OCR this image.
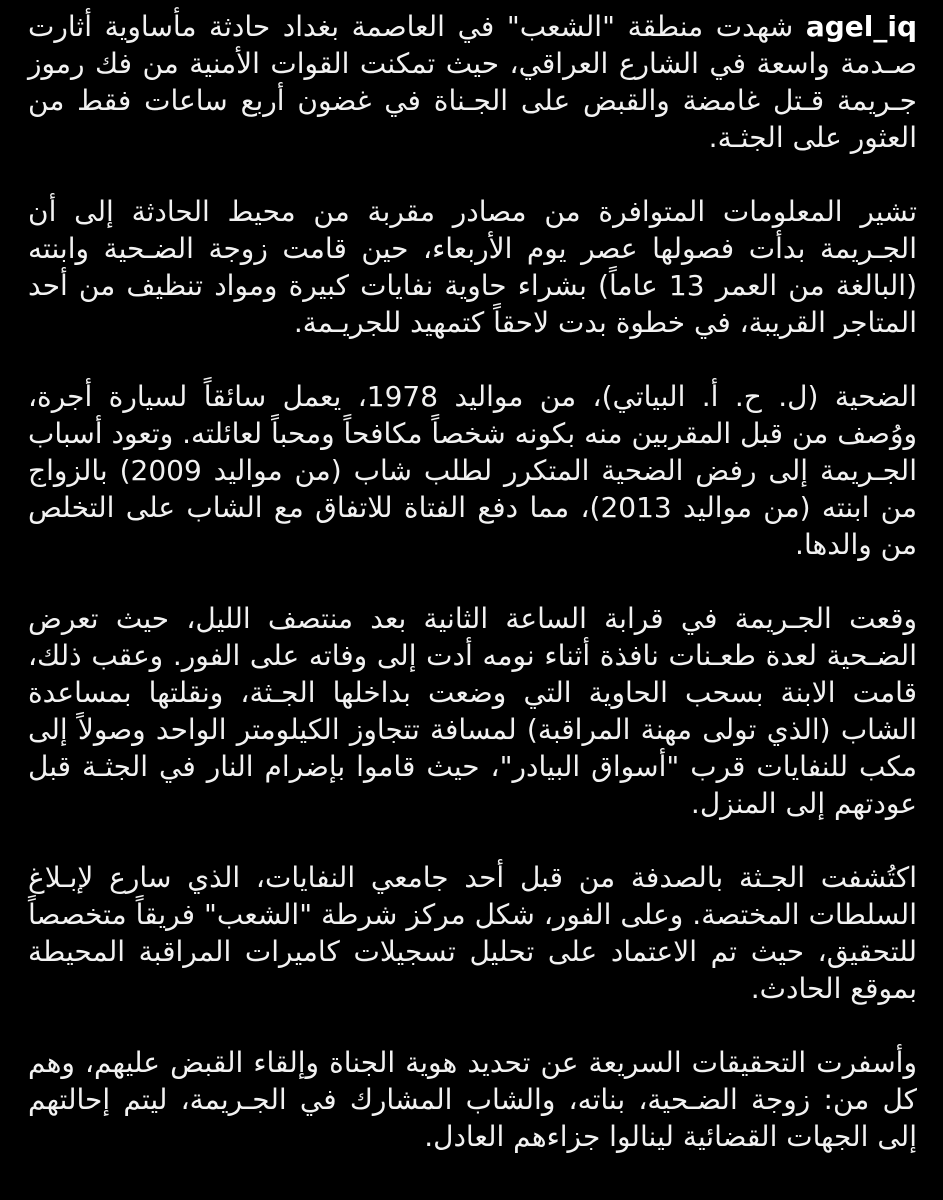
agel_iq شهدت منطقة "الشعب" في العاصمة بغداد حادثة مأساوية أثارت صـدمة واسعة في الشارع العراقي، حيث تمكنت القوات الأمنية من فك رموز جـريمة قـتل غامضة والقبض على الجـناة في غضون أربع ساعات فقط من العثور على الجثـة.

تشير المعلومات المتوافرة من مصادر مقربة من محيط الحادثة إلى أن الجـريمة بدأت فصولها عصر يوم الأربعاء، حين قامت زوجة الضـحية وابنته (البالغة من العمر 13 عاماً) بشراء حاوية نفايات كبيرة ومواد تنظيف من أحد المتاجر القريبة، في خطوة بدت لاحقاً كتمهيد للجريـمة.

الضحية (ل. ح. أ. البياتي)، من مواليد 1978، يعمل سائقاً لسيارة أجرة، ووُصف من قبل المقربين منه بكونه شخصاً مكافحاً ومحباً لعائلته. وتعود أسباب الجـريمة إلى رفض الضحية المتكرر لطلب شاب (من مواليد 2009) بالزواج من ابنته (من مواليد 2013)، مما دفع الفتاة للاتفاق مع الشاب على التخلص من والدها.

وقعت الجـريمة في قرابة الساعة الثانية بعد منتصف الليل، حيث تعرض الضـحية لعدة طعـنات نافذة أثناء نومه أدت إلى وفاته على الفور. وعقب ذلك، قامت الابنة بسحب الحاوية التي وضعت بداخلها الجـثة، ونقلتها بمساعدة الشاب (الذي تولى مهنة المراقبة) لمسافة تتجاوز الكيلومتر الواحد وصولاً إلى مكب للنفايات قرب "أسواق البيادر"، حيث قاموا بإضرام النار في الجثـة قبل عودتهم إلى المنزل.

اكتُشفت الجـثة بالصدفة من قبل أحد جامعي النفايات، الذي سارع لإبـلاغ السلطات المختصة. وعلى الفور، شكل مركز شرطة "الشعب" فريقاً متخصصاً للتحقيق، حيث تم الاعتماد على تحليل تسجيلات كاميرات المراقبة المحيطة بموقع الحادث.

وأسفرت التحقيقات السريعة عن تحديد هوية الجناة وإلقاء القبض عليهم، وهم كل من: زوجة الضـحية، بناته، والشاب المشارك في الجـريمة، ليتم إحالتهم إلى الجهات القضائية لينالوا جزاءهم العادل.
